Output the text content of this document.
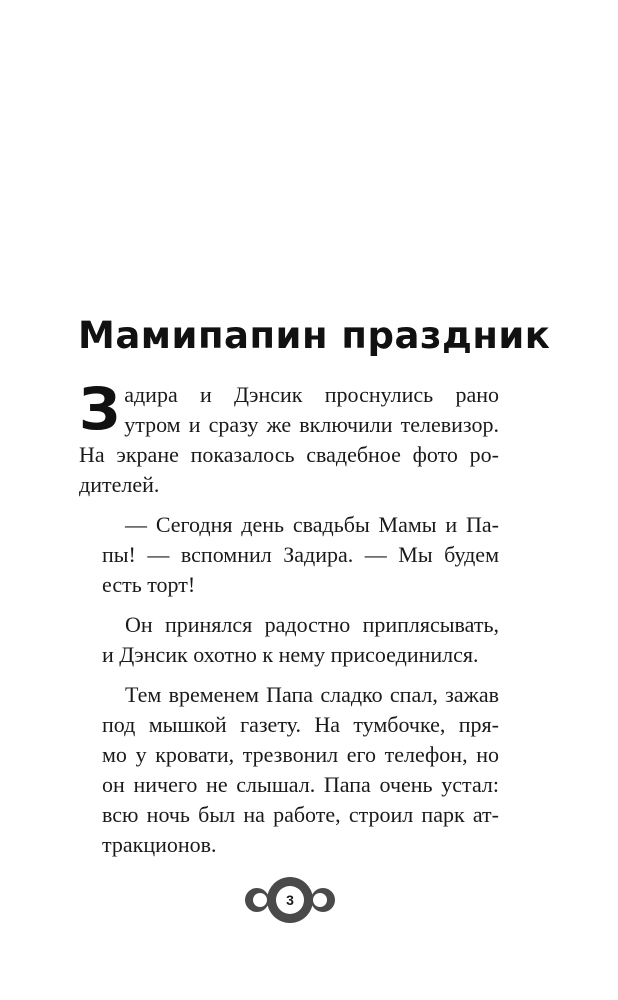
Мамипапин праздник
З адира и Дэнсик проснулись рано
утром и сразу же включили телевизор.
На экране показалось свадебное фото ро-
дителей.
— Сегодня день свадьбы Мамы и Па-
пы! — вспомнил Задира. — Мы будем
есть торт!
Он принялся радостно приплясывать,
и Дэнсик охотно к нему присоединился.
Тем временем Папа сладко спал, зажав
под мышкой газету. На тумбочке, пря-
мо у кровати, трезвонил его телефон, но
он ничего не слышал. Папа очень устал:
всю ночь был на работе, строил парк ат-
тракционов.
3
